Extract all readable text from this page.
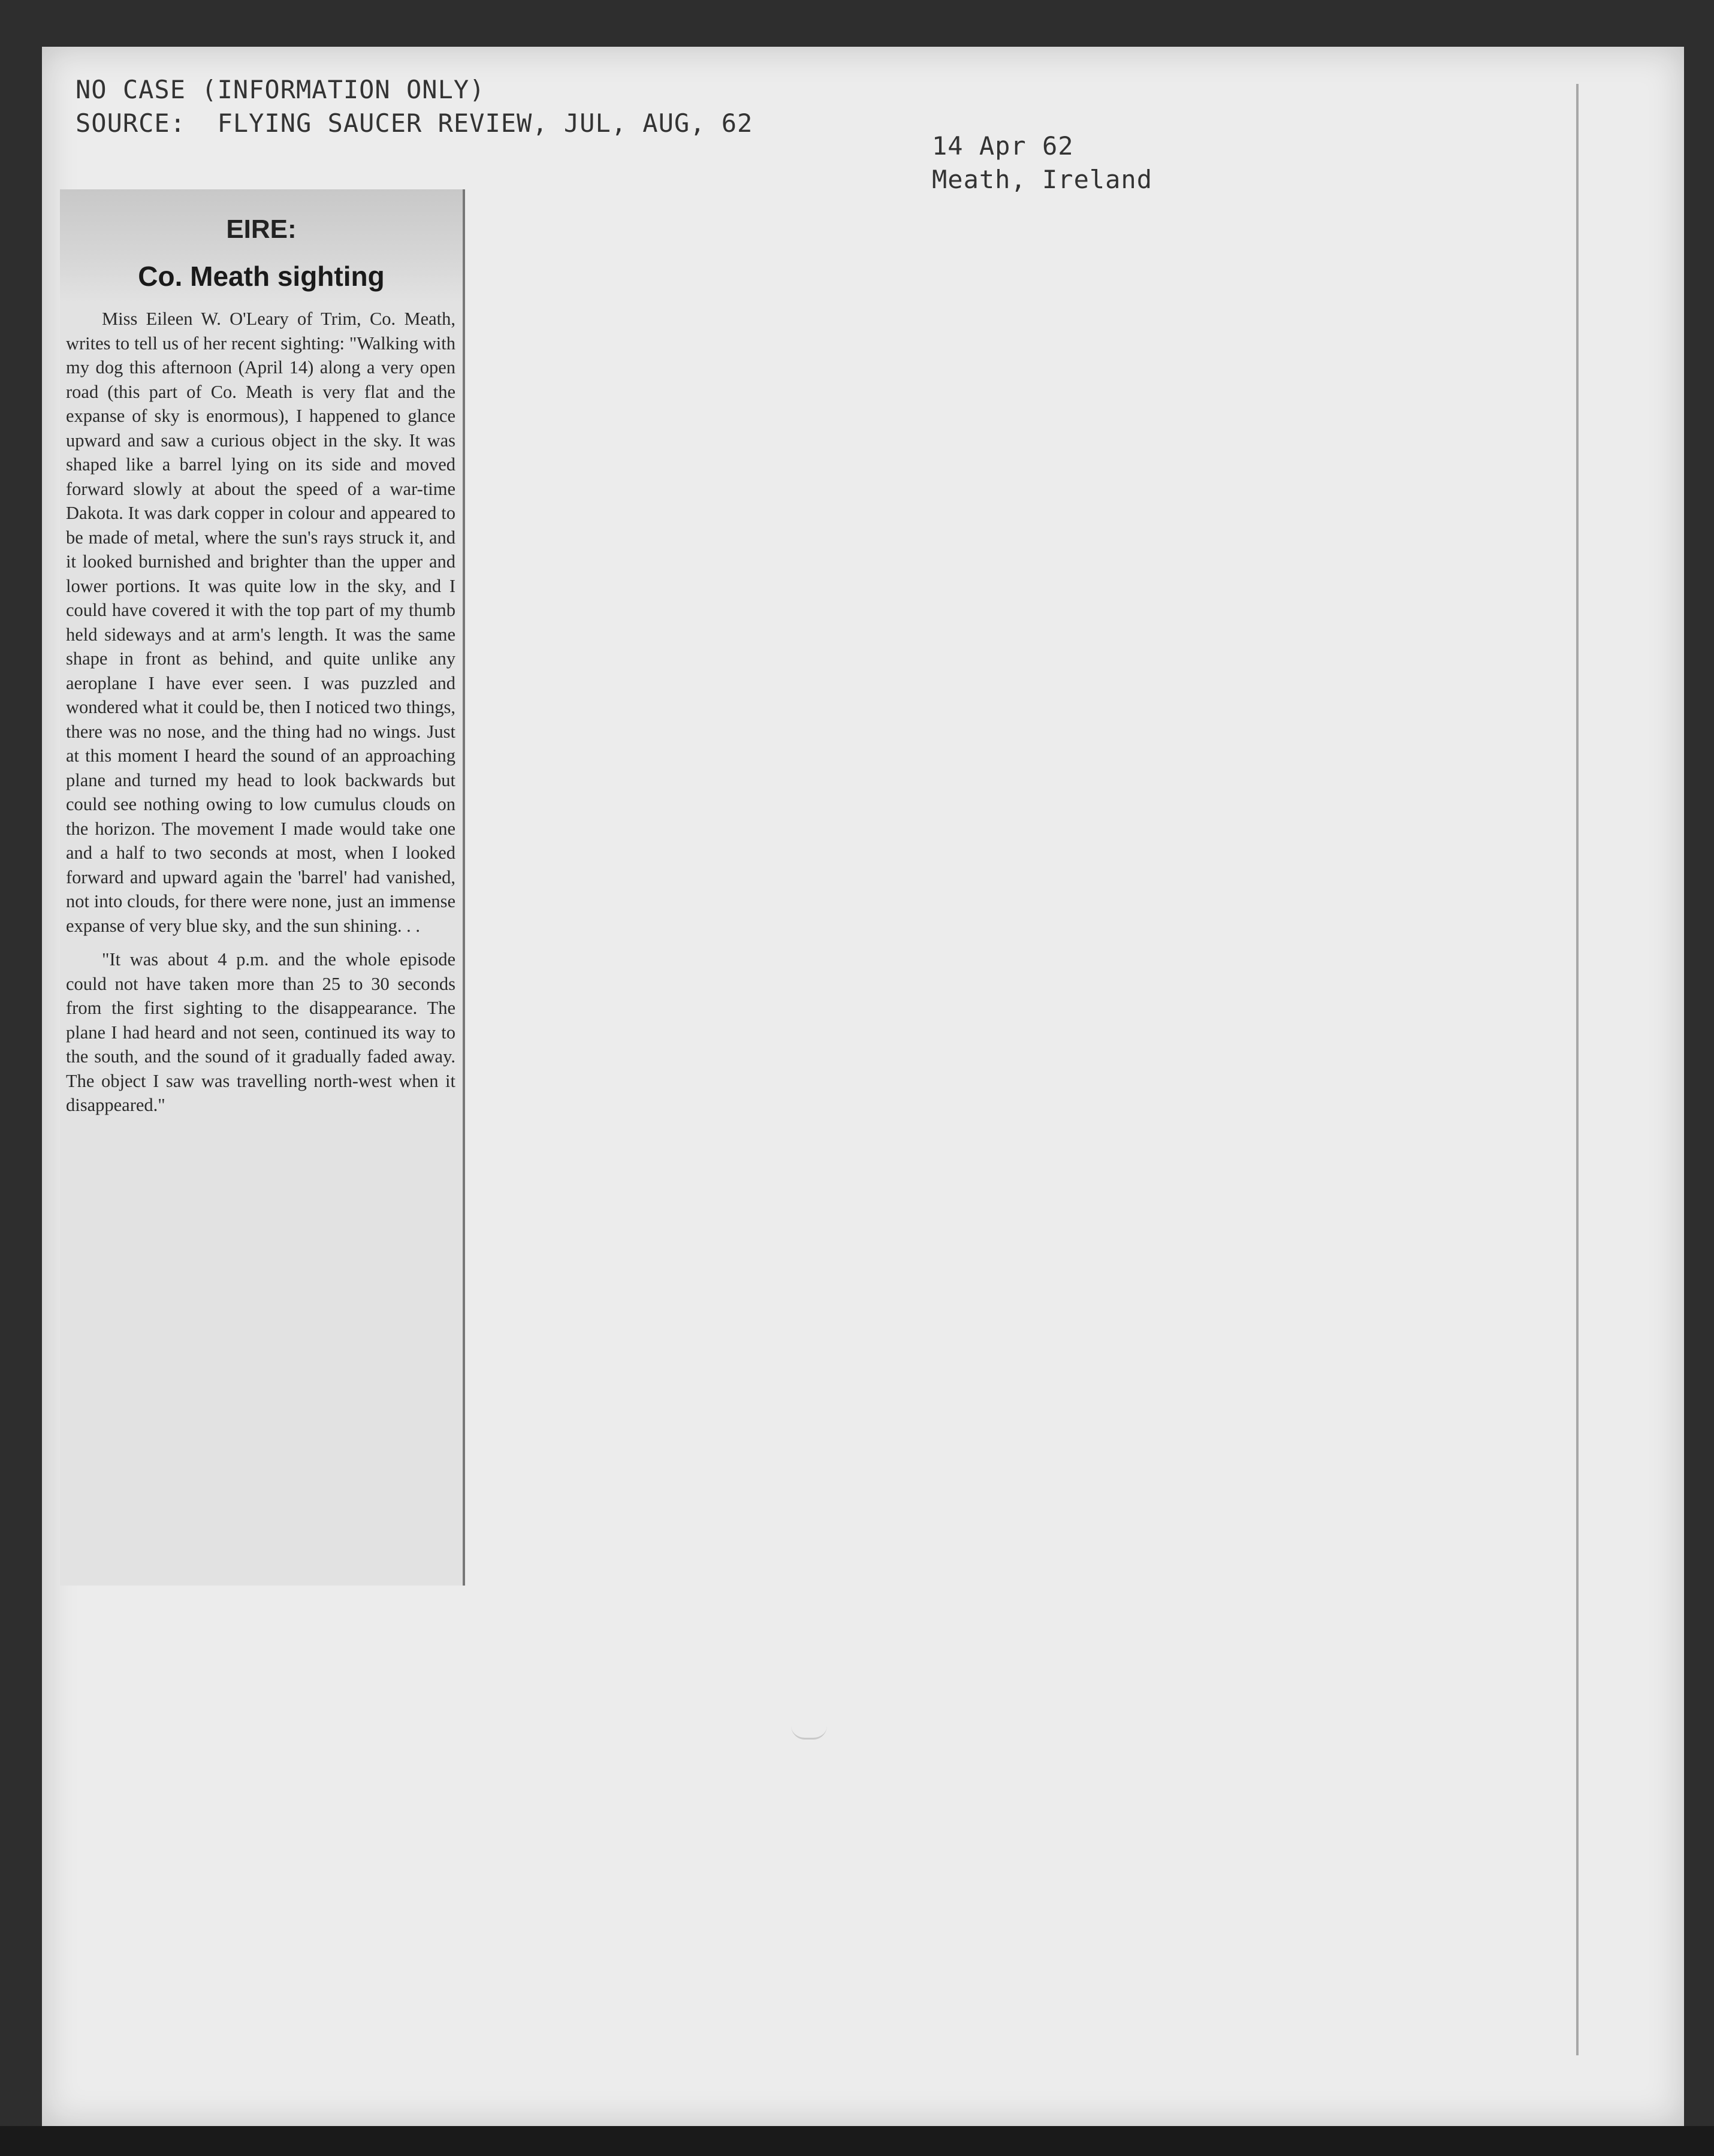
NO CASE (INFORMATION ONLY)
SOURCE:  FLYING SAUCER REVIEW, JUL, AUG, 62
14 Apr 62
Meath, Ireland
EIRE:
Co. Meath sighting

Miss Eileen W. O'Leary of Trim, Co. Meath, writes to tell us of her recent sighting: "Walking with my dog this afternoon (April 14) along a very open road (this part of Co. Meath is very flat and the expanse of sky is enormous), I happened to glance upward and saw a curious object in the sky. It was shaped like a barrel lying on its side and moved forward slowly at about the speed of a war-time Dakota. It was dark copper in colour and appeared to be made of metal, where the sun's rays struck it, and it looked burnished and brighter than the upper and lower portions. It was quite low in the sky, and I could have covered it with the top part of my thumb held sideways and at arm's length. It was the same shape in front as behind, and quite unlike any aeroplane I have ever seen. I was puzzled and wondered what it could be, then I noticed two things, there was no nose, and the thing had no wings. Just at this moment I heard the sound of an approaching plane and turned my head to look backwards but could see nothing owing to low cumulus clouds on the horizon. The movement I made would take one and a half to two seconds at most, when I looked forward and upward again the 'barrel' had vanished, not into clouds, for there were none, just an immense expanse of very blue sky, and the sun shining. . .

"It was about 4 p.m. and the whole episode could not have taken more than 25 to 30 seconds from the first sighting to the disappearance. The plane I had heard and not seen, continued its way to the south, and the sound of it gradually faded away. The object I saw was travelling north-west when it disappeared."
